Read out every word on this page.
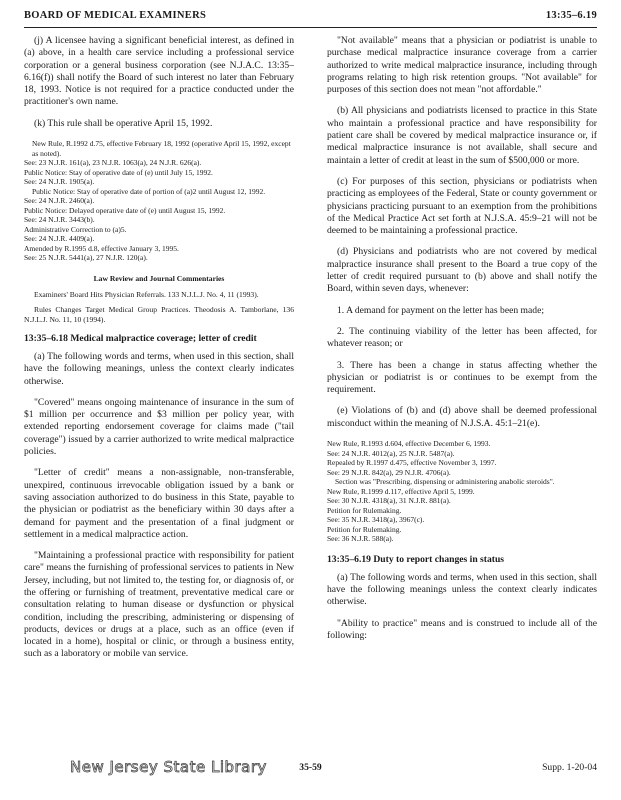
BOARD OF MEDICAL EXAMINERS	13:35–6.19

(j) A licensee having a significant beneficial interest, as defined in (a) above, in a health care service including a professional service corporation or a general business corporation (see N.J.A.C. 13:35–6.16(f)) shall notify the Board of such interest no later than February 18, 1993. Notice is not required for a practice conducted under the practitioner's own name.

(k) This rule shall be operative April 15, 1992.

New Rule, R.1992 d.75, effective February 18, 1992 (operative April 15, 1992, except as noted).
See: 23 N.J.R. 161(a), 23 N.J.R. 1063(a), 24 N.J.R. 626(a).
Public Notice: Stay of operative date of (e) until July 15, 1992.
See: 24 N.J.R. 1905(a).
Public Notice: Stay of operative date of portion of (a)2 until August 12, 1992.
See: 24 N.J.R. 2460(a).
Public Notice: Delayed operative date of (e) until August 15, 1992.
See: 24 N.J.R. 3443(b).
Administrative Correction to (a)5.
See: 24 N.J.R. 4409(a).
Amended by R.1995 d.8, effective January 3, 1995.
See: 25 N.J.R. 5441(a), 27 N.J.R. 120(a).
Law Review and Journal Commentaries
Examiners' Board Hits Physician Referrals. 133 N.J.L.J. No. 4, 11 (1993).
Rules Changes Target Medical Group Practices. Theodosis A. Tamborlane, 136 N.J.L.J. No. 11, 10 (1994).
13:35–6.18 Medical malpractice coverage; letter of credit

(a) The following words and terms, when used in this section, shall have the following meanings, unless the context clearly indicates otherwise.

"Covered" means ongoing maintenance of insurance in the sum of $1 million per occurrence and $3 million per policy year, with extended reporting endorsement coverage for claims made ("tail coverage") issued by a carrier authorized to write medical malpractice policies.

"Letter of credit" means a non-assignable, non-transferable, unexpired, continuous irrevocable obligation issued by a bank or saving association authorized to do business in this State, payable to the physician or podiatrist as the beneficiary within 30 days after a demand for payment and the presentation of a final judgment or settlement in a medical malpractice action.

"Maintaining a professional practice with responsibility for patient care" means the furnishing of professional services to patients in New Jersey, including, but not limited to, the testing for, or diagnosis of, or the offering or furnishing of treatment, preventative medical care or consultation relating to human disease or dysfunction or physical condition, including the prescribing, administering or dispensing of products, devices or drugs at a place, such as an office (even if located in a home), hospital or clinic, or through a business entity, such as a laboratory or mobile van service.

"Not available" means that a physician or podiatrist is unable to purchase medical malpractice insurance coverage from a carrier authorized to write medical malpractice insurance, including through programs relating to high risk retention groups. "Not available" for purposes of this section does not mean "not affordable."

(b) All physicians and podiatrists licensed to practice in this State who maintain a professional practice and have responsibility for patient care shall be covered by medical malpractice insurance or, if medical malpractice insurance is not available, shall secure and maintain a letter of credit at least in the sum of $500,000 or more.

(c) For purposes of this section, physicians or podiatrists when practicing as employees of the Federal, State or county government or physicians practicing pursuant to an exemption from the prohibitions of the Medical Practice Act set forth at N.J.S.A. 45:9–21 will not be deemed to be maintaining a professional practice.

(d) Physicians and podiatrists who are not covered by medical malpractice insurance shall present to the Board a true copy of the letter of credit required pursuant to (b) above and shall notify the Board, within seven days, whenever:

1. A demand for payment on the letter has been made;

2. The continuing viability of the letter has been affected, for whatever reason; or

3. There has been a change in status affecting whether the physician or podiatrist is or continues to be exempt from the requirement.

(e) Violations of (b) and (d) above shall be deemed professional misconduct within the meaning of N.J.S.A. 45:1–21(e).

New Rule, R.1993 d.604, effective December 6, 1993.
See: 24 N.J.R. 4012(a), 25 N.J.R. 5487(a).
Repealed by R.1997 d.475, effective November 3, 1997.
See: 29 N.J.R. 842(a), 29 N.J.R. 4706(a).
Section was "Prescribing, dispensing or administering anabolic steroids".
New Rule, R.1999 d.117, effective April 5, 1999.
See: 30 N.J.R. 4318(a), 31 N.J.R. 881(a).
Petition for Rulemaking.
See: 35 N.J.R. 3418(a), 3967(c).
Petition for Rulemaking.
See: 36 N.J.R. 588(a).
13:35–6.19 Duty to report changes in status

(a) The following words and terms, when used in this section, shall have the following meanings unless the context clearly indicates otherwise.

"Ability to practice" means and is construed to include all of the following:

New Jersey State Library	35-59	Supp. 1-20-04
